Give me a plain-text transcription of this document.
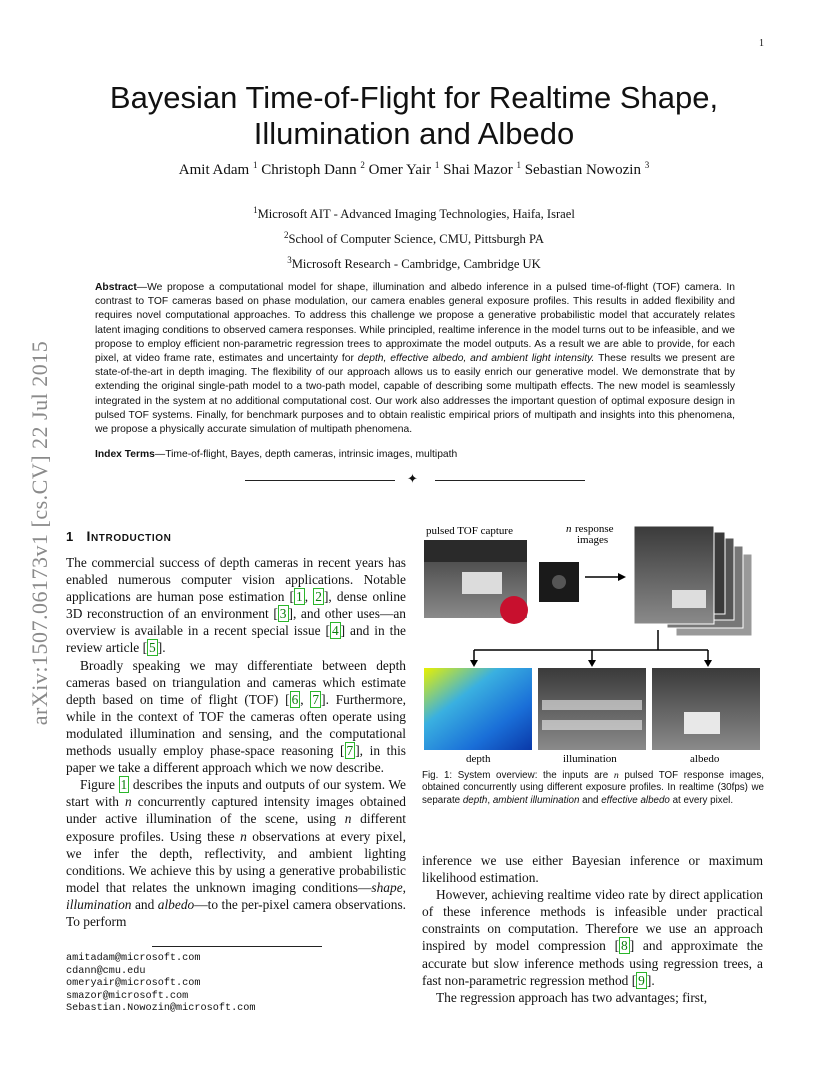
1
Bayesian Time-of-Flight for Realtime Shape,
Illumination and Albedo
Amit Adam $^1$ Christoph Dann $^2$ Omer Yair $^1$ Shai Mazor $^1$ Sebastian Nowozin $^3$
$^1$Microsoft AIT - Advanced Imaging Technologies, Haifa, Israel
$^2$School of Computer Science, CMU, Pittsburgh PA
$^3$Microsoft Research - Cambridge, Cambridge UK
Abstract—We propose a computational model for shape, illumination and albedo inference in a pulsed time-of-flight (TOF) camera. In contrast to TOF cameras based on phase modulation, our camera enables general exposure profiles. This results in added flexibility and requires novel computational approaches. To address this challenge we propose a generative probabilistic model that accurately relates latent imaging conditions to observed camera responses. While principled, realtime inference in the model turns out to be infeasible, and we propose to employ efficient non-parametric regression trees to approximate the model outputs. As a result we are able to provide, for each pixel, at video frame rate, estimates and uncertainty for depth, effective albedo, and ambient light intensity. These results we present are state-of-the-art in depth imaging. The flexibility of our approach allows us to easily enrich our generative model. We demonstrate that by extending the original single-path model to a two-path model, capable of describing some multipath effects. The new model is seamlessly integrated in the system at no additional computational cost. Our work also addresses the important question of optimal exposure design in pulsed TOF systems. Finally, for benchmark purposes and to obtain realistic empirical priors of multipath and insights into this phenomena, we propose a physically accurate simulation of multipath phenomena.
Index Terms—Time-of-flight, Bayes, depth cameras, intrinsic images, multipath
✦
arXiv:1507.06173v1 [cs.CV] 22 Jul 2015 1 Introduction

The commercial success of depth cameras in recent years has enabled numerous computer vision applications. Notable applications are human pose estimation [ 1 , 2 ], dense online 3D reconstruction of an environment [ 3 ], and other uses—an overview is available in a recent special issue [ 4 ] and in the review article [ 5 ].

Broadly speaking we may differentiate between depth cameras based on triangulation and cameras which estimate depth based on time of flight (TOF) [ 6 , 7 ]. Furthermore, while in the context of TOF the cameras often operate using modulated illumination and sensing, and the computational methods usually employ phase-space reasoning [ 7 ], in this paper we take a different approach which we now describe.

Figure 1 describes the inputs and outputs of our system. We start with n concurrently captured intensity images obtained under active illumination of the scene, using n different exposure profiles. Using these n observations at every pixel, we infer the depth, reflectivity, and ambient lighting conditions. We achieve this by using a generative probabilistic model that relates the unknown imaging conditions—shape, illumination and albedo—to the per-pixel camera observations. To perform

amitadam@microsoft.com
cdann@cmu.edu
omeryair@microsoft.com
smazor@microsoft.com
Sebastian.Nowozin@microsoft.com
pulsed TOF capture	n response
images
depth	illumination	albedo
Fig. 1: System overview: the inputs are n pulsed TOF response images, obtained concurrently using different exposure profiles. In realtime (30fps) we separate depth, ambient illumination and effective albedo at every pixel.

inference we use either Bayesian inference or maximum likelihood estimation.

However, achieving realtime video rate by direct application of these inference methods is infeasible under practical constraints on computation. Therefore we use an approach inspired by model compression [ 8 ] and approximate the accurate but slow inference methods using regression trees, a fast non-parametric regression method [ 9 ].

The regression approach has two advantages; first,
